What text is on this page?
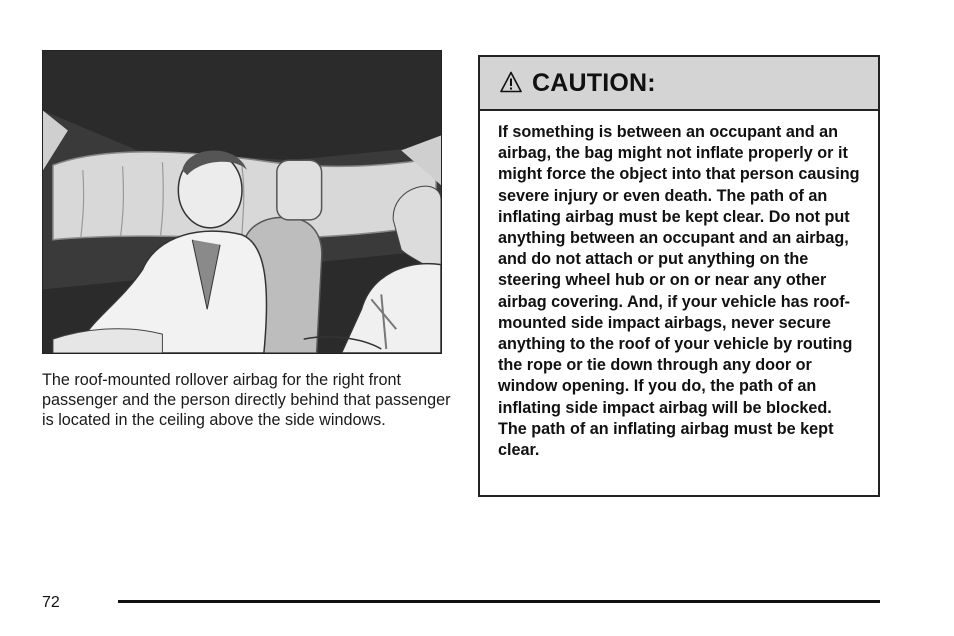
The roof-mounted rollover airbag for the right front passenger and the person directly behind that passenger is located in the ceiling above the side windows.
CAUTION:
If something is between an occupant and an airbag, the bag might not inflate properly or it might force the object into that person causing severe injury or even death. The path of an inflating airbag must be kept clear. Do not put anything between an occupant and an airbag, and do not attach or put anything on the steering wheel hub or on or near any other airbag covering. And, if your vehicle has roof-mounted side impact airbags, never secure anything to the roof of your vehicle by routing the rope or tie down through any door or window opening. If you do, the path of an inflating side impact airbag will be blocked. The path of an inflating airbag must be kept clear.
72
